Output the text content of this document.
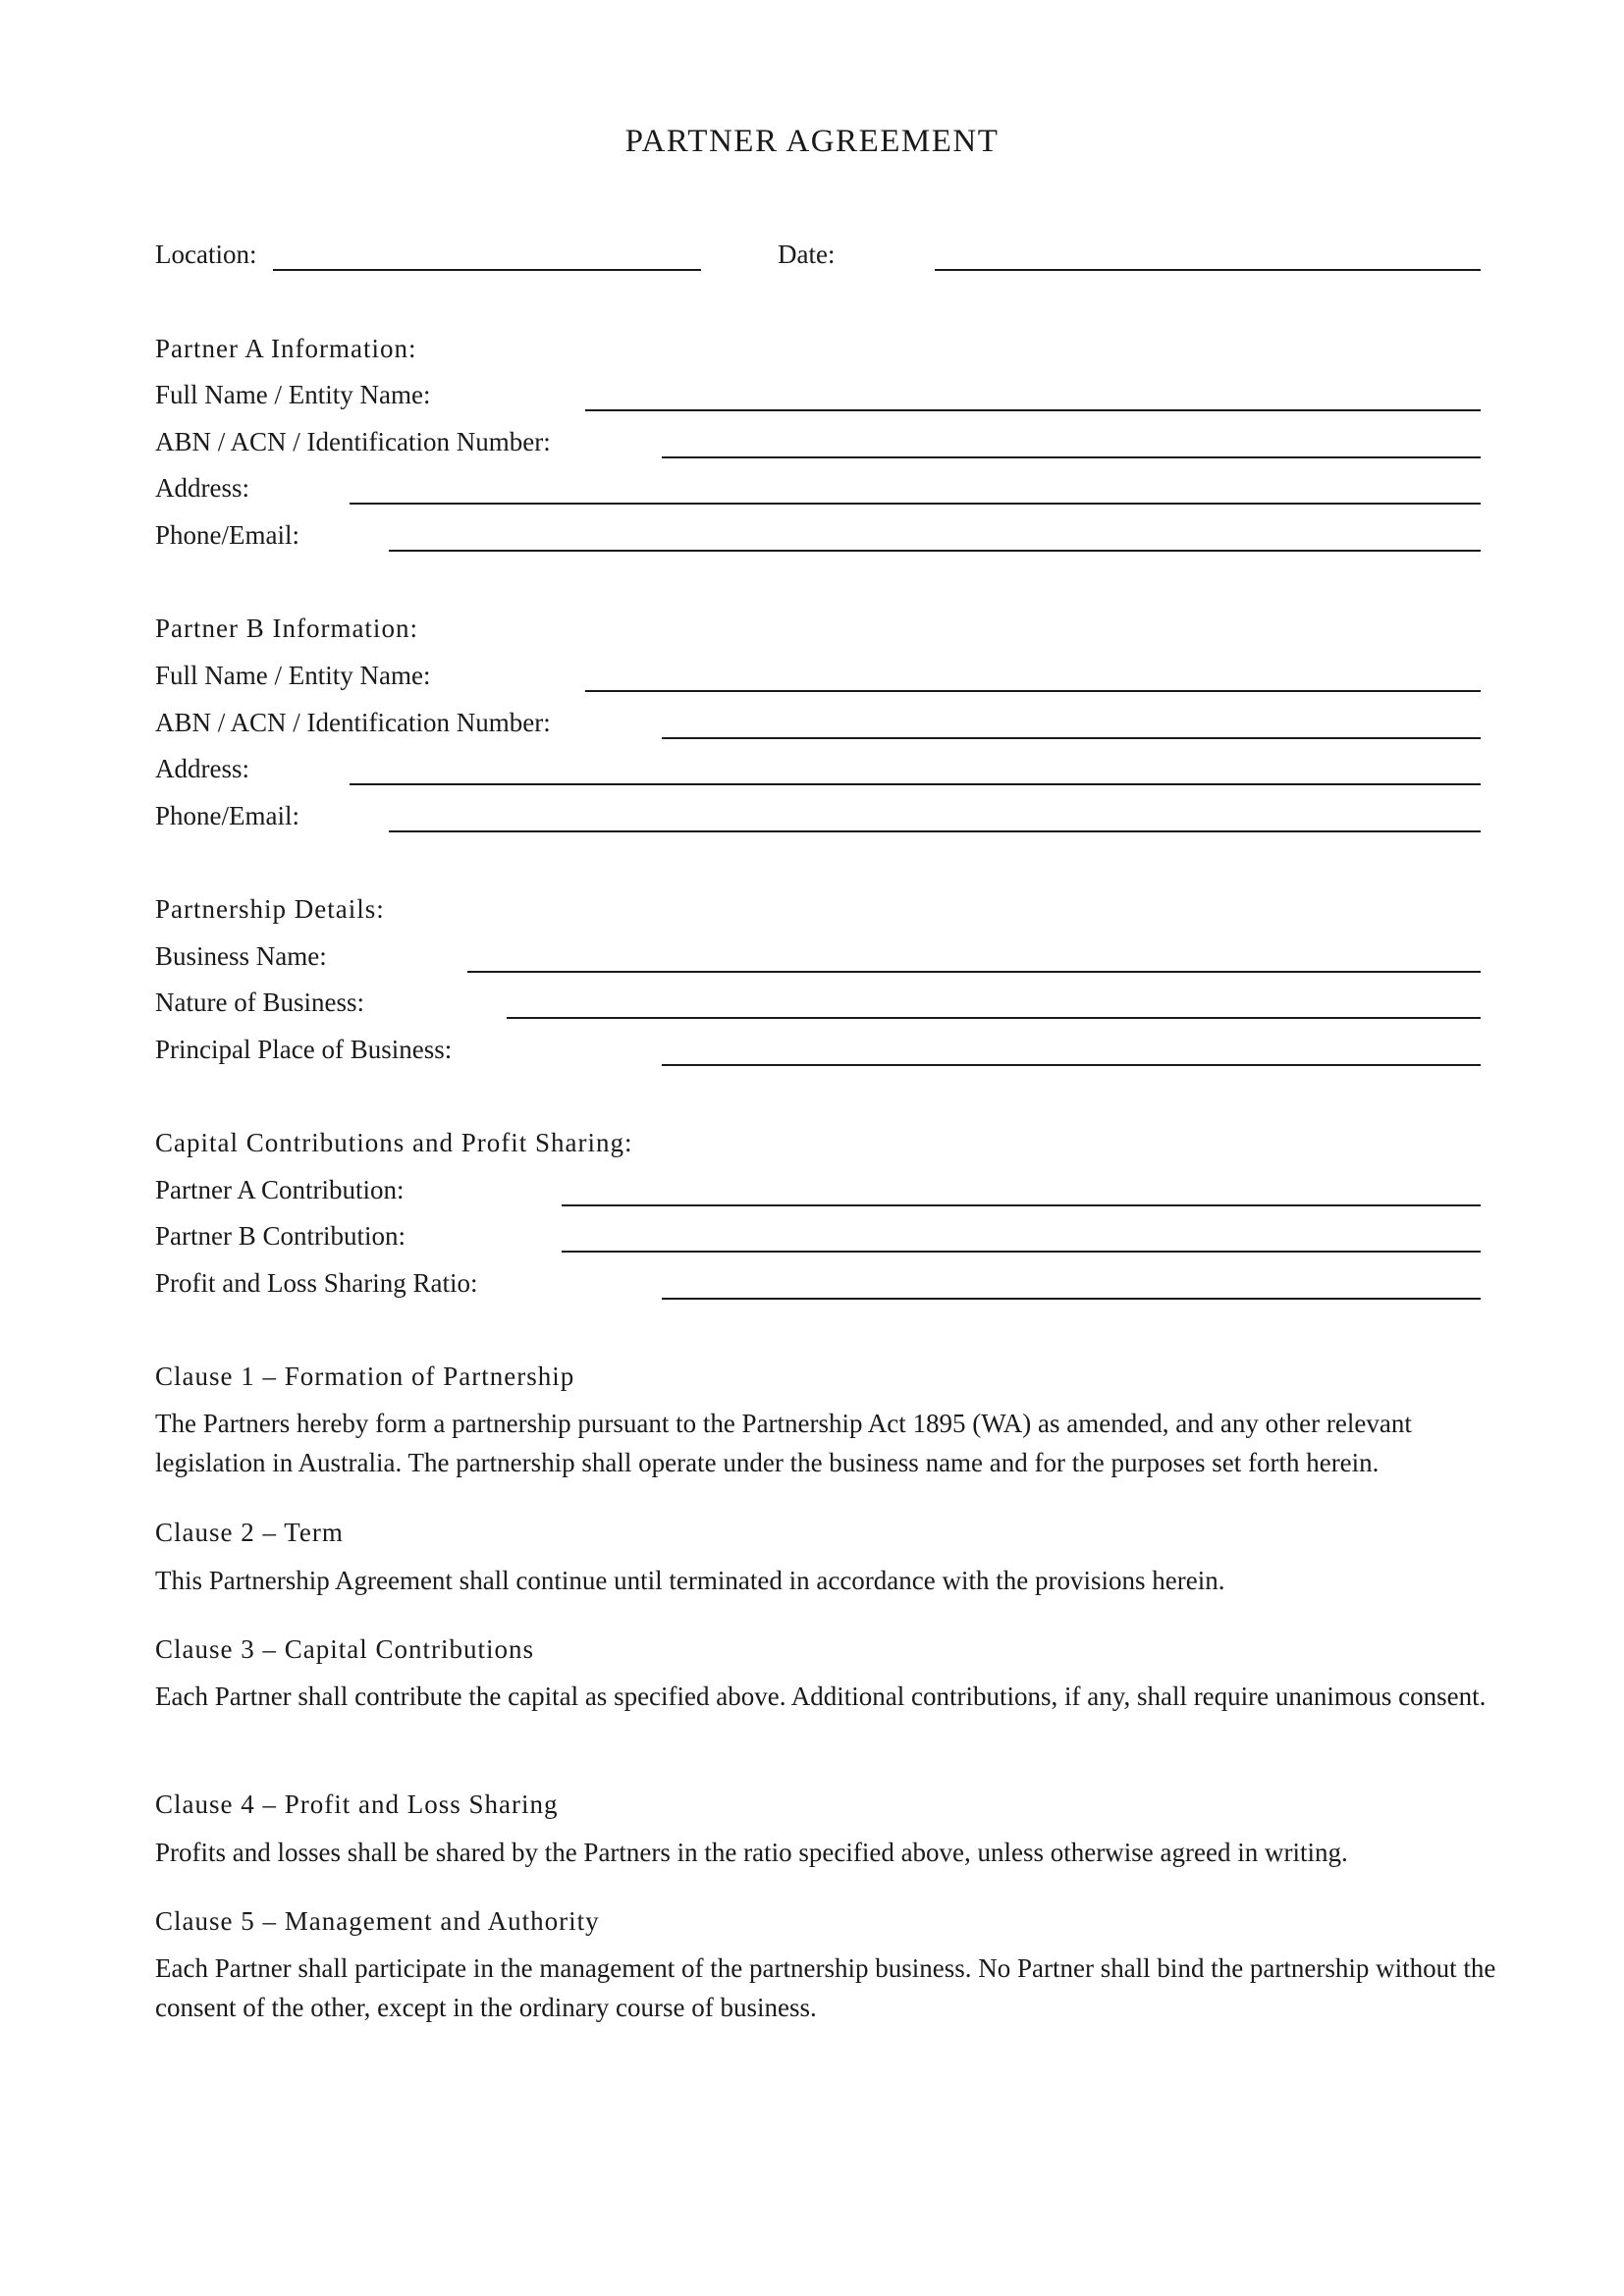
PARTNER AGREEMENT
Location:	Date:
Partner A Information:
Full Name / Entity Name:
ABN / ACN / Identification Number:
Address:
Phone/Email:
Partner B Information:
Full Name / Entity Name:
ABN / ACN / Identification Number:
Address:
Phone/Email:
Partnership Details:
Business Name:
Nature of Business:
Principal Place of Business:
Capital Contributions and Profit Sharing:
Partner A Contribution:
Partner B Contribution:
Profit and Loss Sharing Ratio:
Clause 1 – Formation of Partnership
The Partners hereby form a partnership pursuant to the Partnership Act 1895 (WA) as amended, and any other relevant legislation in Australia. The partnership shall operate under the business name and for the purposes set forth herein.
Clause 2 – Term
This Partnership Agreement shall continue until terminated in accordance with the provisions herein.
Clause 3 – Capital Contributions
Each Partner shall contribute the capital as specified above. Additional contributions, if any, shall require unanimous consent.
Clause 4 – Profit and Loss Sharing
Profits and losses shall be shared by the Partners in the ratio specified above, unless otherwise agreed in writing.
Clause 5 – Management and Authority
Each Partner shall participate in the management of the partnership business. No Partner shall bind the partnership without the consent of the other, except in the ordinary course of business.
